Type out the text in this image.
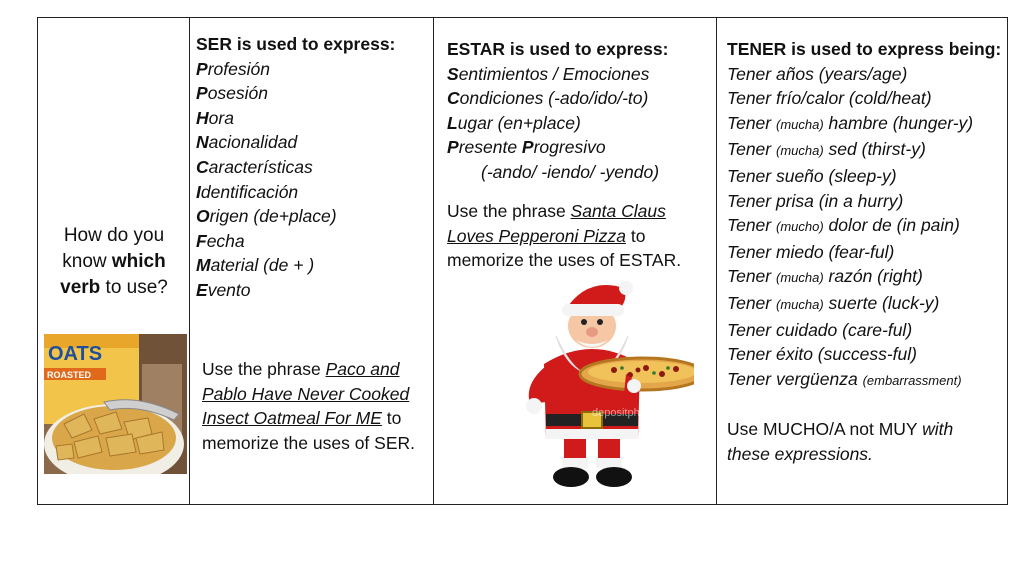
How do you know which verb to use?
OATS
ROASTED
SER is used to express:
Profesión
Posesión
Hora
Nacionalidad
Características
Identificación
Origen (de+place)
Fecha
Material (de + )
Evento
Use the phrase Paco and Pablo Have Never Cooked Insect Oatmeal For ME to memorize the uses of SER.
ESTAR is used to express:
Sentimientos / Emociones
Condiciones (-ado/ido/-to)
Lugar (en+place)
Presente Progresivo
(-ando/ -iendo/ -yendo)
Use the phrase Santa Claus Loves Pepperoni Pizza to memorize the uses of ESTAR.
depositphotos
TENER is used to express being:
Tener años (years/age)
Tener frío/calor (cold/heat)
Tener (mucha) hambre (hunger-y)
Tener (mucha) sed (thirst-y)
Tener sueño (sleep-y)
Tener prisa (in a hurry)
Tener (mucho) dolor de (in pain)
Tener miedo (fear-ful)
Tener (mucha) razón (right)
Tener (mucha) suerte (luck-y)
Tener cuidado (care-ful)
Tener éxito (success-ful)
Tener vergüenza (embarrassment)
Use MUCHO/A not MUY with these expressions.
